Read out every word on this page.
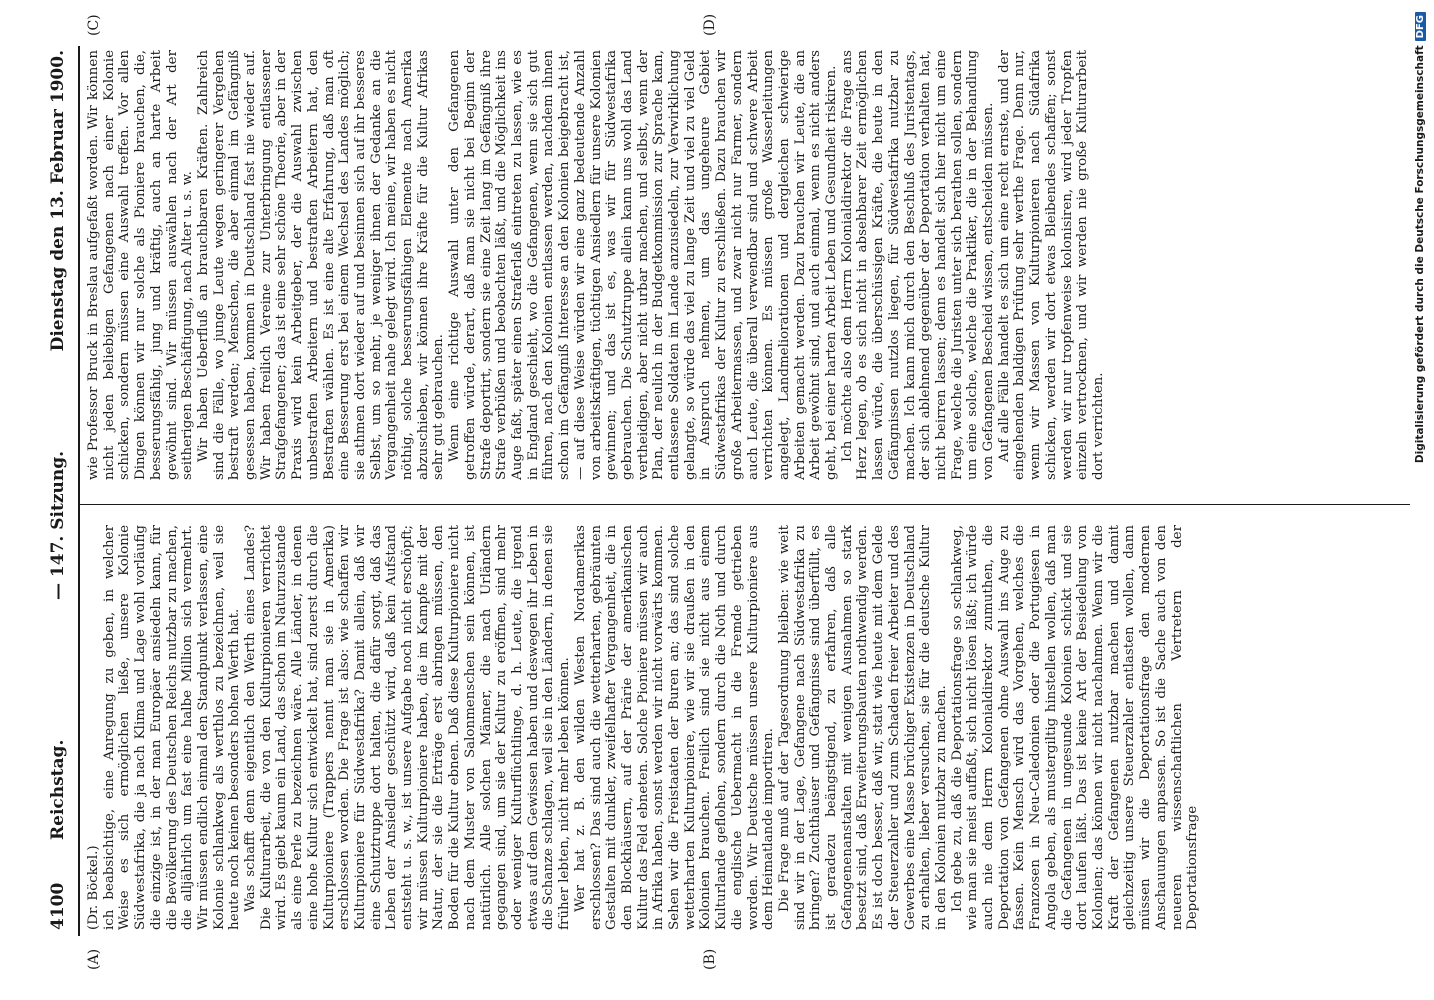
4100
Reichstag.
— 147. Sitzung.
Dienstag den 13. Februar 1900.
(A)	(B)
(C)	(D)

(Dr. Böckel.) ich beabsichtige, eine Anregung zu geben, in welcher Weise es sich ermöglichen ließe, unsere Kolonie Südwestafrika, die ja nach Klima und Lage wohl vorläufig die einzige ist, in der man Europäer ansiedeln kann, für die Bevölkerung des Deutschen Reichs nutzbar zu machen, die alljährlich um fast eine halbe Million sich vermehrt. Wir müssen endlich einmal den Standpunkt verlassen, eine Kolonie schlankweg als werthlos zu bezeichnen, weil sie heute noch keinen besonders hohen Werth hat. Was schafft denn eigentlich den Werth eines Landes? Die Kulturarbeit, die von den Kulturpionieren verrichtet wird. Es giebt kaum ein Land, das schon im Naturzustande als eine Perle zu bezeichnen wäre. Alle Länder, in denen eine hohe Kultur sich entwickelt hat, sind zuerst durch die Kulturpioniere (Trappers nennt man sie in Amerika) erschlossen worden. Die Frage ist also: wie schaffen wir Kulturpioniere für Südwestafrika? Damit allein, daß wir eine Schutztruppe dort halten, die dafür sorgt, daß das Leben der Ansiedler geschützt wird, daß kein Aufstand entsteht u. s. w., ist unsere Aufgabe noch nicht erschöpft; wir müssen Kulturpioniere haben, die im Kampfe mit der Natur, der sie die Erträge erst abringen müssen, den Boden für die Kultur ebnen. Daß diese Kulturpioniere nicht nach dem Muster von Salonmenschen sein können, ist natürlich. Alle solchen Männer, die nach Urländern gegangen sind, um sie der Kultur zu eröffnen, sind mehr oder weniger Kulturflüchtlinge, d. h. Leute, die irgend etwas auf dem Gewissen haben und deswegen ihr Leben in die Schanze schlagen, weil sie in den Ländern, in denen sie früher lebten, nicht mehr leben können. Wer hat z. B. den wilden Westen Nordamerikas erschlossen? Das sind auch die wetterharten, gebräunten Gestalten mit dunkler, zweifelhafter Vergangenheit, die in den Blockhäusern, auf der Prärie der amerikanischen Kultur das Feld ebneten. Solche Pioniere müssen wir auch in Afrika haben, sonst werden wir nicht vorwärts kommen. Sehen wir die Freistaaten der Buren an; das sind solche wetterharten Kulturpioniere, wie wir sie draußen in den Kolonien brauchen. Freilich sind sie nicht aus einem Kulturlande geflohen, sondern durch die Noth und durch die englische Uebermacht in die Fremde getrieben worden. Wir Deutsche müssen unsere Kulturpioniere aus dem Heimatlande importiren. Die Frage muß auf der Tagesordnung bleiben: wie weit sind wir in der Lage, Gefangene nach Südwestafrika zu bringen? Zuchthäuser und Gefängnisse sind überfüllt, es ist geradezu beängstigend, zu erfahren, daß alle Gefangenenanstalten mit wenigen Ausnahmen so stark besetzt sind, daß Erweiterungsbauten nothwendig werden. Es ist doch besser, daß wir, statt wie heute mit dem Gelde der Steuerzahler und zum Schaden freier Arbeiter und des Gewerbes eine Masse brüchiger Existenzen in Deutschland zu erhalten, lieber versuchen, sie für die deutsche Kultur in den Kolonien nutzbar zu machen. Ich gebe zu, daß die Deportationsfrage so schlankweg, wie man sie meist auffaßt, sich nicht lösen läßt; ich würde auch nie dem Herrn Kolonialdirektor zumuthen, die Deportation von Gefangenen ohne Auswahl ins Auge zu fassen. Kein Mensch wird das Vorgehen, welches die Franzosen in Neu-Caledonien oder die Portugiesen in Angola geben, als mustergiltig hinstellen wollen, daß man die Gefangenen in ungesunde Kolonien schickt und sie dort laufen läßt. Das ist keine Art der Besiedelung von Kolonien; das können wir nicht nachahmen. Wenn wir die Kraft der Gefangenen nutzbar machen und damit gleichzeitig unsere Steuerzahler entlasten wollen, dann müssen wir die Deportationsfrage den modernen Anschauungen anpassen. So ist die Sache auch von den neueren wissenschaftlichen Vertretern der Deportationsfrage

wie Professor Bruck in Breslau aufgefaßt worden. Wir können nicht jeden beliebigen Gefangenen nach einer Kolonie schicken, sondern müssen eine Auswahl treffen. Vor allen Dingen können wir nur solche als Pioniere brauchen, die, besserungsfähig, jung und kräftig, auch an harte Arbeit gewöhnt sind. Wir müssen auswählen nach der Art der seitherigen Beschäftigung, nach Alter u. s. w. Wir haben Ueberfluß an brauchbaren Kräften. Zahlreich sind die Fälle, wo junge Leute wegen geringerer Vergehen bestraft werden; Menschen, die aber einmal im Gefängniß gesessen haben, kommen in Deutschland fast nie wieder auf. Wir haben freilich Vereine zur Unterbringung entlassener Strafgefangener; das ist eine sehr schöne Theorie, aber in der Praxis wird kein Arbeitgeber, der die Auswahl zwischen unbestraften Arbeitern und bestraften Arbeitern hat, den Bestraften wählen. Es ist eine alte Erfahrung, daß man oft eine Besserung erst bei einem Wechsel des Landes möglich; sie athmen dort wieder auf und besinnen sich auf ihr besseres Selbst, um so mehr, je weniger ihnen der Gedanke an die Vergangenheit nahe gelegt wird. Ich meine, wir haben es nicht nöthig, solche besserungsfähigen Elemente nach Amerika abzuschieben, wir können ihre Kräfte für die Kultur Afrikas sehr gut gebrauchen. Wenn eine richtige Auswahl unter den Gefangenen getroffen würde, derart, daß man sie nicht bei Beginn der Strafe deportirt, sondern sie eine Zeit lang im Gefängniß ihre Strafe verbüßen und beobachten läßt, und die Möglichkeit ins Auge faßt, später einen Straferlaß eintreten zu lassen, wie es in England geschieht, wo die Gefangenen, wenn sie sich gut führen, nach den Kolonien entlassen werden, nachdem ihnen schon im Gefängniß Interesse an den Kolonien beigebracht ist, — auf diese Weise würden wir eine ganz bedeutende Anzahl von arbeitskräftigen, tüchtigen Ansiedlern für unsere Kolonien gewinnen; und das ist es, was wir für Südwestafrika gebrauchen. Die Schutztruppe allein kann uns wohl das Land vertheidigen, aber nicht urbar machen, und selbst, wenn der Plan, der neulich in der Budgetkommission zur Sprache kam, entlassene Soldaten im Lande anzusiedeln, zur Verwirklichung gelangte, so würde das viel zu lange Zeit und viel zu viel Geld in Anspruch nehmen, um das ungeheure Gebiet Südwestafrikas der Kultur zu erschließen. Dazu brauchen wir große Arbeitermassen, und zwar nicht nur Farmer, sondern auch Leute, die überall verwendbar sind und schwere Arbeit verrichten können. Es müssen große Wasserleitungen angelegt, Landmeliorationen und dergleichen schwierige Arbeiten gemacht werden. Dazu brauchen wir Leute, die an Arbeit gewöhnt sind, und auch einmal, wenn es nicht anders geht, bei einer harten Arbeit Leben und Gesundheit riskiren. Ich möchte also dem Herrn Kolonialdirektor die Frage ans Herz legen, ob es sich nicht in absehbarer Zeit ermöglichen lassen würde, die überschüssigen Kräfte, die heute in den Gefängnissen nutzlos liegen, für Südwestafrika nutzbar zu machen. Ich kann mich durch den Beschluß des Juristentags, der sich ablehnend gegenüber der Deportation verhalten hat, nicht beirren lassen; denn es handelt sich hier nicht um eine Frage, welche die Juristen unter sich berathen sollen, sondern um eine solche, welche die Praktiker, die in der Behandlung von Gefangenen Bescheid wissen, entscheiden müssen. Auf alle Fälle handelt es sich um eine recht ernste, und der eingehenden baldigen Prüfung sehr werthe Frage. Denn nur, wenn wir Massen von Kulturpionieren nach Südafrika schicken, werden wir dort etwas Bleibendes schaffen; sonst werden wir nur tropfenweise kolonisiren, wird jeder Tropfen einzeln vertrocknen, und wir werden nie große Kulturarbeit dort verrichten.	Digitalisierung gefördert durch die Deutsche ForschungsgemeinschaftDFG
